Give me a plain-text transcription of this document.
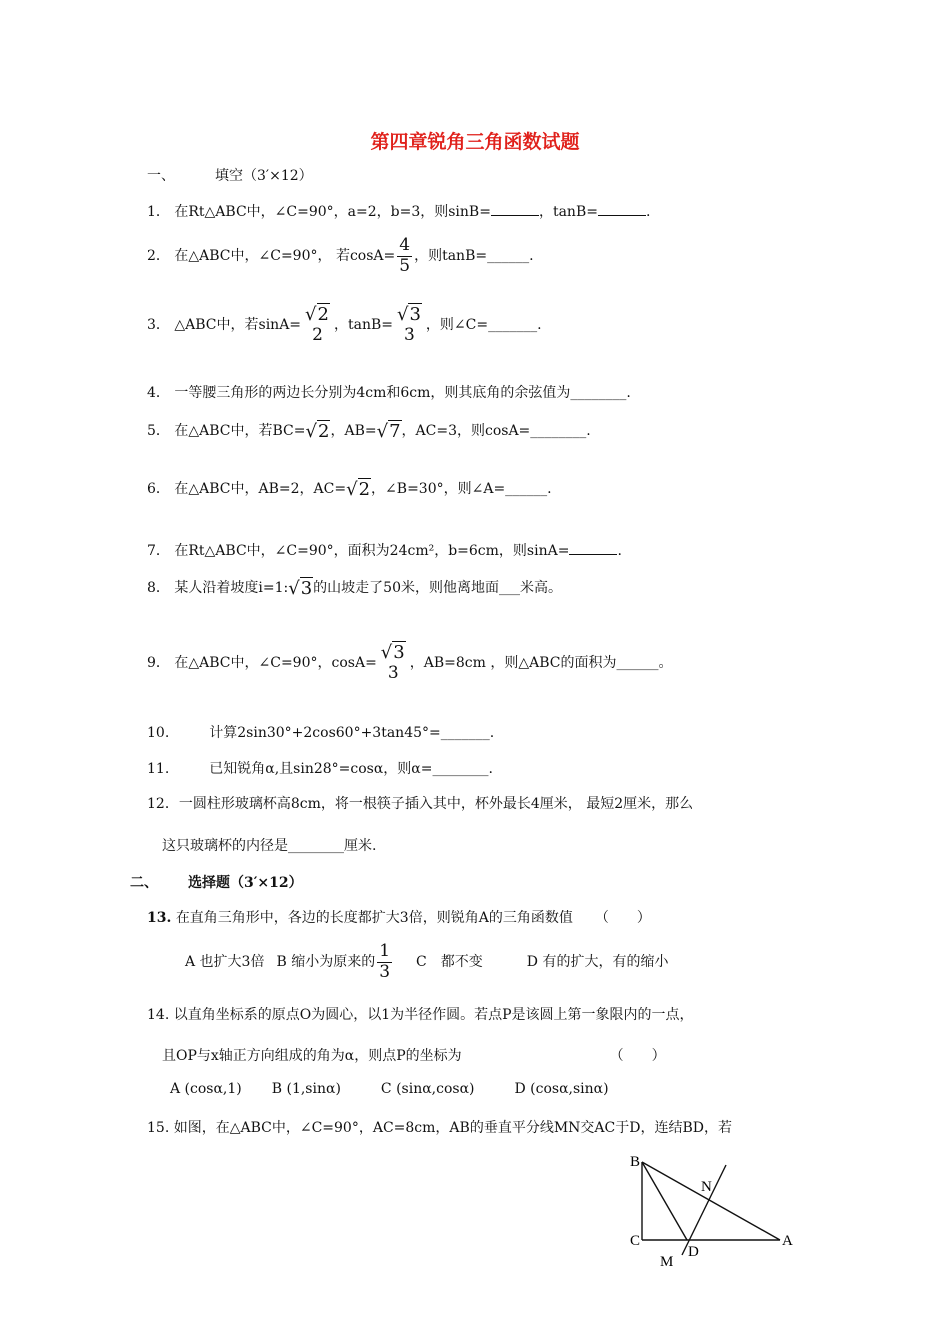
第四章锐角三角函数试题
一、	填空（3′×12）
1． 在Rt△ABC中，∠C=90°，a=2，b=3，则sinB=	，tanB=	.
2． 在△ABC中，∠C=90°， 若$\cos A= \frac{4}{5}$ ，则tanB=______.
3． △ABC中，若sinA=
√2
2 ，tanB=
√3
3 ，则∠C=_______.
4． 一等腰三角形的两边长分别为4cm和6cm，则其底角的余弦值为________.
5． 在△ABC中，若BC=√2，AB=√7，AC=3，则cosA=________.
6． 在△ABC中，AB=2，AC=√2，∠B=30°，则∠A=______.
7． 在Rt△ABC中，∠C=90°，面积为24cm²，b=6cm，则sinA=	.
8． 某人沿着坡度i=1:√3的山坡走了50米，则他离地面___米高。
9． 在△ABC中，∠C=90°，cosA=
√3
3 ，AB=8cm ，则△ABC的面积为______。
10.	计算2sin30°+2cos60°+3tan45°=_______.
11.	已知锐角α,且sin28°=cosα，则α=________.
12．一圆柱形玻璃杯高8cm，将一根筷子插入其中，杯外最长4厘米， 最短2厘米，那么
这只玻璃杯的内径是________厘米.
二、 选择题（3′×12）
13. 在直角三角形中，各边的长度都扩大3倍，则锐角A的三角函数值 （　　）
A 也扩大3倍 B 缩小为原来的 $\frac{1}{3}$ C　都不变	D 有的扩大，有的缩小
14. 以直角坐标系的原点O为圆心，以1为半径作圆。若点P是该圆上第一象限内的一点，
且OP与x轴正方向组成的角为α，则点P的坐标为	（　　）
A (cosα,1) B (1,sinα)	C (sinα,cosα)	D (cosα,sinα)
15. 如图，在△ABC中，∠C=90°，AC=8cm，AB的垂直平分线MN交AC于D，连结BD，若
B
N
C	A
M
D
